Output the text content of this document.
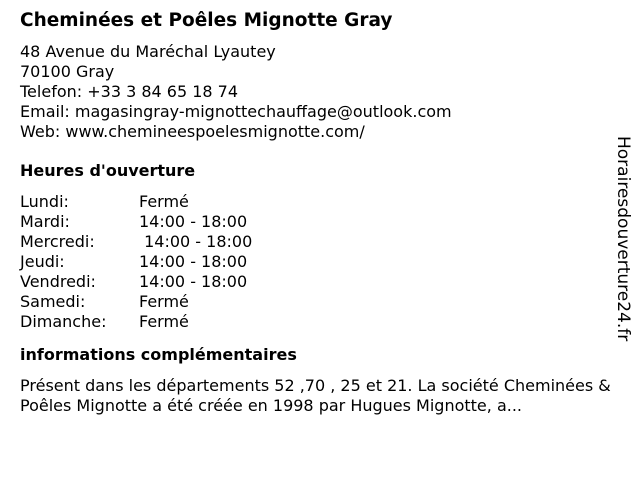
Cheminées et Poêles Mignotte Gray
48 Avenue du Maréchal Lyautey
70100 Gray
Telefon: +33 3 84 65 18 74
Email: magasingray-mignottechauffage@outlook.com
Web: www.chemineespoelesmignotte.com/
Heures d'ouverture
Lundi:	Fermé
Mardi:	14:00 - 18:00
Mercredi:	14:00 - 18:00
Jeudi:	14:00 - 18:00
Vendredi:	14:00 - 18:00
Samedi:	Fermé
Dimanche:	Fermé
informations complémentaires
Présent dans les départements 52 ,70 , 25 et 21. La société Cheminées & Poêles Mignotte a été créée en 1998 par Hugues Mignotte, a...
Horairesdouverture24.fr
